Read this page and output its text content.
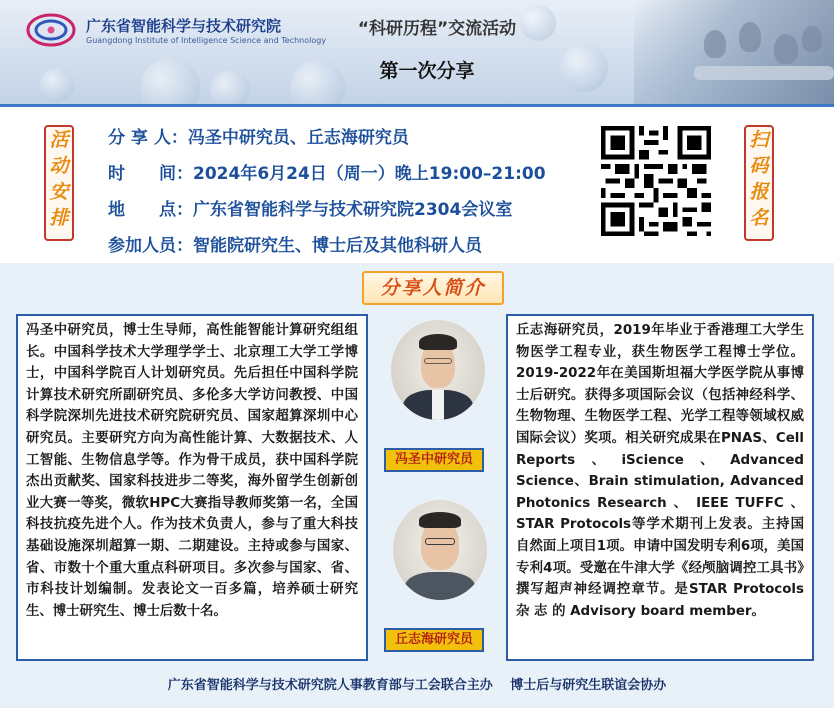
广东省智能科学与技术研究院
Guangdong Institute of Intelligence Science and Technology
“科研历程”交流活动
第一次分享
活
动
安
排
分 享 人：冯圣中研究员、丘志海研究员
时　　间：2024年6月24日（周一）晚上19:00–21:00
地　　点：广东省智能科学与技术研究院2304会议室
参加人员：智能院研究生、博士后及其他科研人员
扫
码
报
名
分享人简介

冯圣中研究员，博士生导师，高性能智能计算研究组组长。中国科学技术大学理学学士、北京理工大学工学博士，中国科学院百人计划研究员。先后担任中国科学院计算技术研究所副研究员、多伦多大学访问教授、中国科学院深圳先进技术研究院研究员、国家超算深圳中心研究员。主要研究方向为高性能计算、大数据技术、人工智能、生物信息学等。作为骨干成员，获中国科学院杰出贡献奖、国家科技进步二等奖，海外留学生创新创业大赛一等奖，微软HPC大赛指导教师奖第一名，全国科技抗疫先进个人。作为技术负责人，参与了重大科技基础设施深圳超算一期、二期建设。主持或参与国家、省、市数十个重大重点科研项目。多次参与国家、省、市科技计划编制。发表论文一百多篇，培养硕士研究生、博士研究生、博士后数十名。

冯圣中研究员
丘志海研究员

丘志海研究员，2019年毕业于香港理工大学生物医学工程专业，获生物医学工程博士学位。2019-2022年在美国斯坦福大学医学院从事博士后研究。获得多项国际会议（包括神经科学、生物物理、生物医学工程、光学工程等领域权威国际会议）奖项。相关研究成果在PNAS、Cell Reports、iScience、Advanced Science、Brain stimulation, Advanced Photonics Research 、 IEEE TUFFC 、 STAR Protocols等学术期刊上发表。主持国自然面上项目1项。申请中国发明专利6项，美国专利4项。受邀在牛津大学《经颅脑调控工具书》撰写超声神经调控章节。是STAR Protocols 杂 志 的 Advisory board member。

广东省智能科学与技术研究院人事教育部与工会联合主办　 博士后与研究生联谊会协办
